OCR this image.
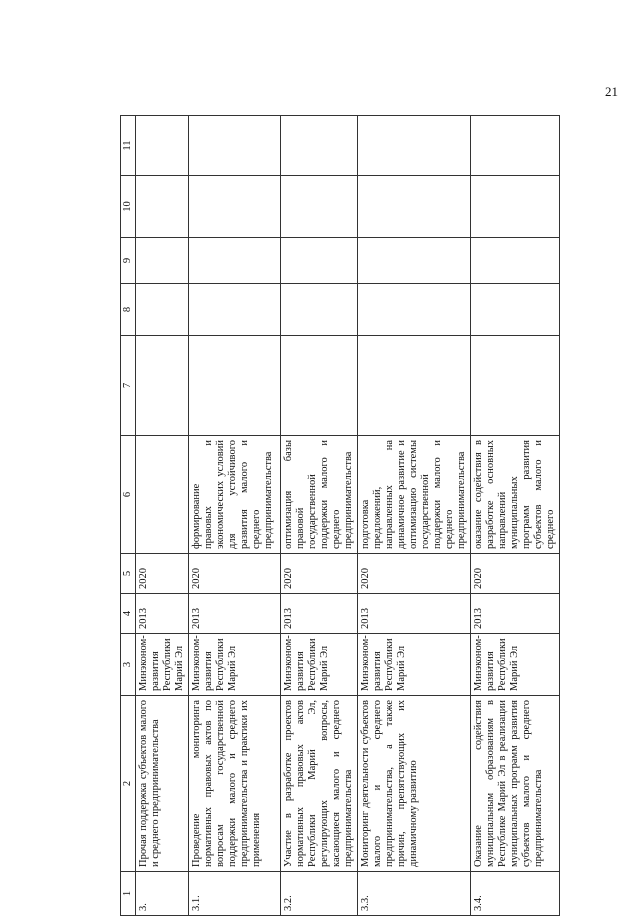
21
1	2	3	4	5	6	7	8	9	10	11
3.	Прочая поддержка субъектов малого и среднего предпринимательства	Минэконом-развития Республики Марий Эл	2013	2020						
3.1.	Проведение мониторинга нормативных правовых актов по вопросам государственной поддержки малого и среднего предпринимательства и практики их применения	Минэконом-развития Республики Марий Эл	2013	2020	формирование правовых и экономических условий для устойчивого развития малого и среднего предпринимательства					
3.2.	Участие в разработке проектов нормативных правовых актов Республики Марий Эл, регулирующих вопросы, касающиеся малого и среднего предпринимательства	Минэконом-развития Республики Марий Эл	2013	2020	оптимизация базы правовой государственной поддержки малого и среднего предпринимательства					
3.3.	Мониторинг деятельности субъектов малого и среднего предпринимательства, а также причин, препятствующих их динамичному развитию	Минэконом-развития Республики Марий Эл	2013	2020	подготовка предложений, направленных на динамичное развитие и оптимизацию системы государственной поддержки малого и среднего предпринимательства					
3.4.	Оказание содействия муниципальным образованиям в Республике Марий Эл в реализации муниципальных программ развития субъектов малого и среднего предпринимательства	Минэконом-развития Республики Марий Эл	2013	2020	оказание содействия в разработке основных направлений муниципальных программ развития субъектов малого и среднего					
